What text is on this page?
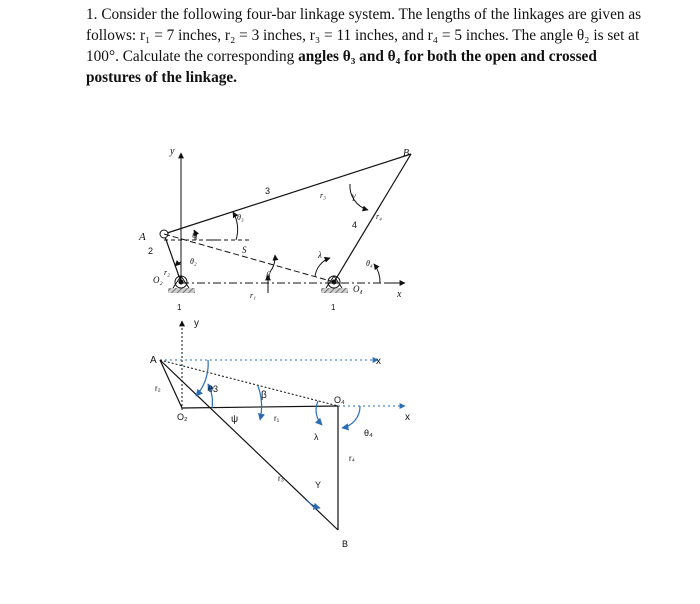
1. Consider the following four-bar linkage system. The lengths of the linkages are given as follows: r₁ = 7 inches, r₂ = 3 inches, r₃ = 11 inches, and r₄ = 5 inches. The angle θ₂ is set at 100°. Calculate the corresponding angles θ₃ and θ₄ for both the open and crossed postures of the linkage.

y
x
A
B
O₂
O₄
1	1
2
3
4
r₁
r₂
r₃
r₄
θ₂
θ₃
θ₄
ψ
S
β
λ
γ
y
x
x
A
B
O₂
O₄
r₁
r₂
r₃
r₄
θ3
θ₄
ψ
β
λ
Y
